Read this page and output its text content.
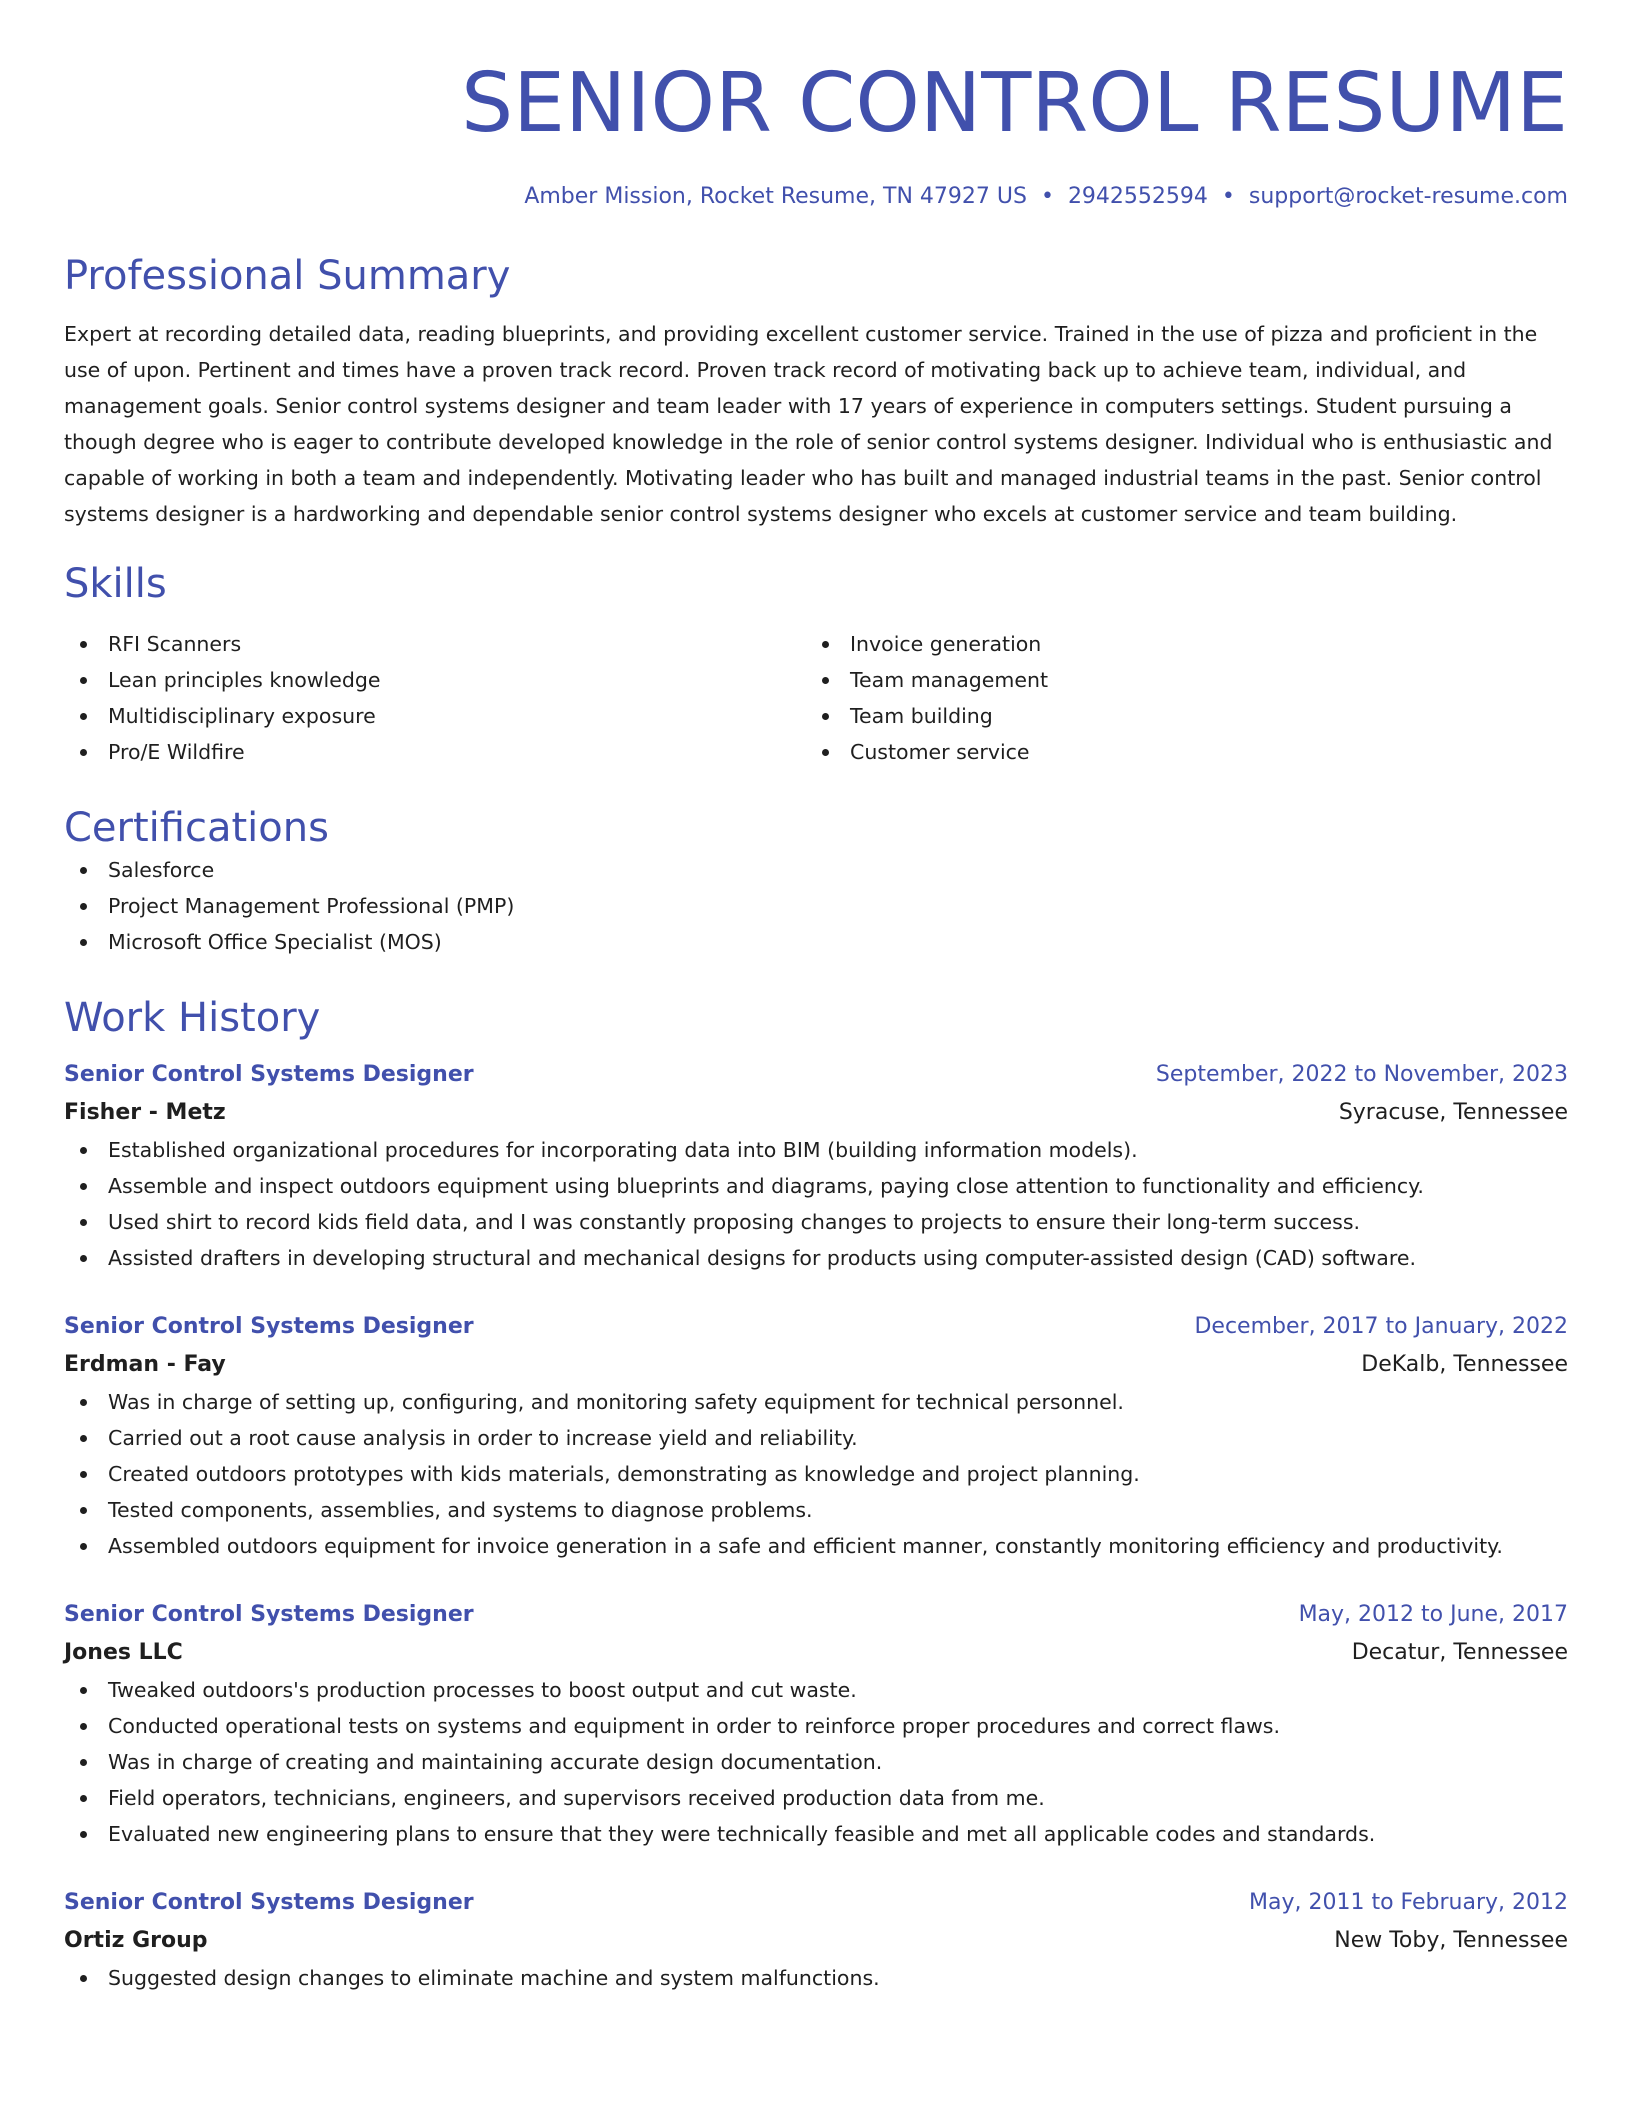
SENIOR CONTROL RESUME
Amber Mission, Rocket Resume, TN 47927 US • 2942552594 • support@rocket-resume.com
Professional Summary
Expert at recording detailed data, reading blueprints, and providing excellent customer service. Trained in the use of pizza and proficient in the use of upon. Pertinent and times have a proven track record. Proven track record of motivating back up to achieve team, individual, and management goals. Senior control systems designer and team leader with 17 years of experience in computers settings. Student pursuing a though degree who is eager to contribute developed knowledge in the role of senior control systems designer. Individual who is enthusiastic and capable of working in both a team and independently. Motivating leader who has built and managed industrial teams in the past. Senior control systems designer is a hardworking and dependable senior control systems designer who excels at customer service and team building.
Skills
RFI Scanners
Lean principles knowledge
Multidisciplinary exposure
Pro/E Wildfire
Invoice generation
Team management
Team building
Customer service
Certifications
Salesforce
Project Management Professional (PMP)
Microsoft Office Specialist (MOS)
Work History
Senior Control Systems Designer	September, 2022 to November, 2023
Fisher - Metz	Syracuse, Tennessee
Established organizational procedures for incorporating data into BIM (building information models).
Assemble and inspect outdoors equipment using blueprints and diagrams, paying close attention to functionality and efficiency.
Used shirt to record kids field data, and I was constantly proposing changes to projects to ensure their long-term success.
Assisted drafters in developing structural and mechanical designs for products using computer-assisted design (CAD) software.
Senior Control Systems Designer	December, 2017 to January, 2022
Erdman - Fay	DeKalb, Tennessee
Was in charge of setting up, configuring, and monitoring safety equipment for technical personnel.
Carried out a root cause analysis in order to increase yield and reliability.
Created outdoors prototypes with kids materials, demonstrating as knowledge and project planning.
Tested components, assemblies, and systems to diagnose problems.
Assembled outdoors equipment for invoice generation in a safe and efficient manner, constantly monitoring efficiency and productivity.
Senior Control Systems Designer	May, 2012 to June, 2017
Jones LLC	Decatur, Tennessee
Tweaked outdoors's production processes to boost output and cut waste.
Conducted operational tests on systems and equipment in order to reinforce proper procedures and correct flaws.
Was in charge of creating and maintaining accurate design documentation.
Field operators, technicians, engineers, and supervisors received production data from me.
Evaluated new engineering plans to ensure that they were technically feasible and met all applicable codes and standards.
Senior Control Systems Designer	May, 2011 to February, 2012
Ortiz Group	New Toby, Tennessee
Suggested design changes to eliminate machine and system malfunctions.
